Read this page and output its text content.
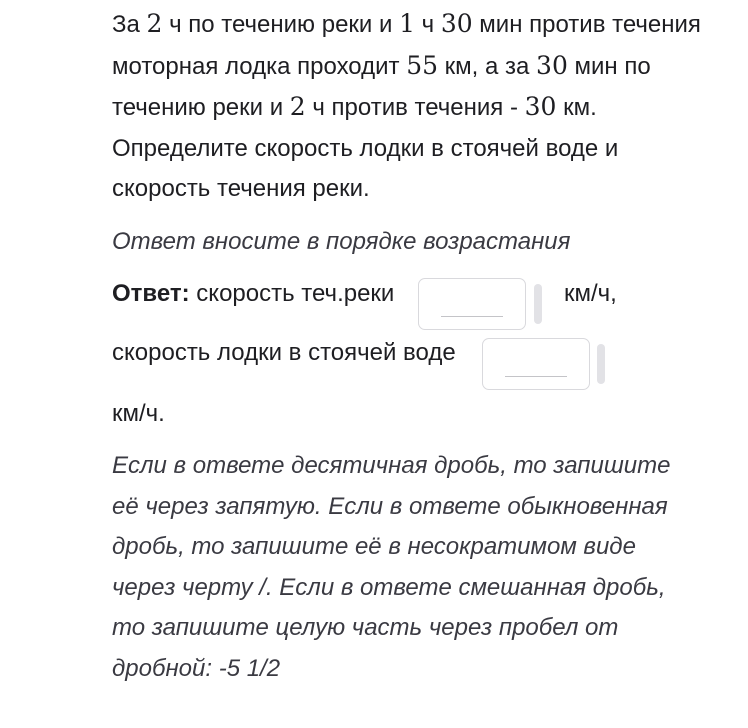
За 2 ч по течению реки и 1 ч 30 мин против течения моторная лодка проходит 55 км, а за 30 мин по течению реки и 2 ч против течения - 30 км. Определите скорость лодки в стоячей воде и скорость течения реки.
Ответ вносите в порядке возрастания
Ответ: скорость теч.реки	км/ч,
скорость лодки в стоячей воде
км/ч.
Если в ответе десятичная дробь, то запишите её через запятую. Если в ответе обыкновенная дробь, то запишите её в несократимом виде через черту /. Если в ответе смешанная дробь, то запишите целую часть через пробел от дробной: -5 1/2
